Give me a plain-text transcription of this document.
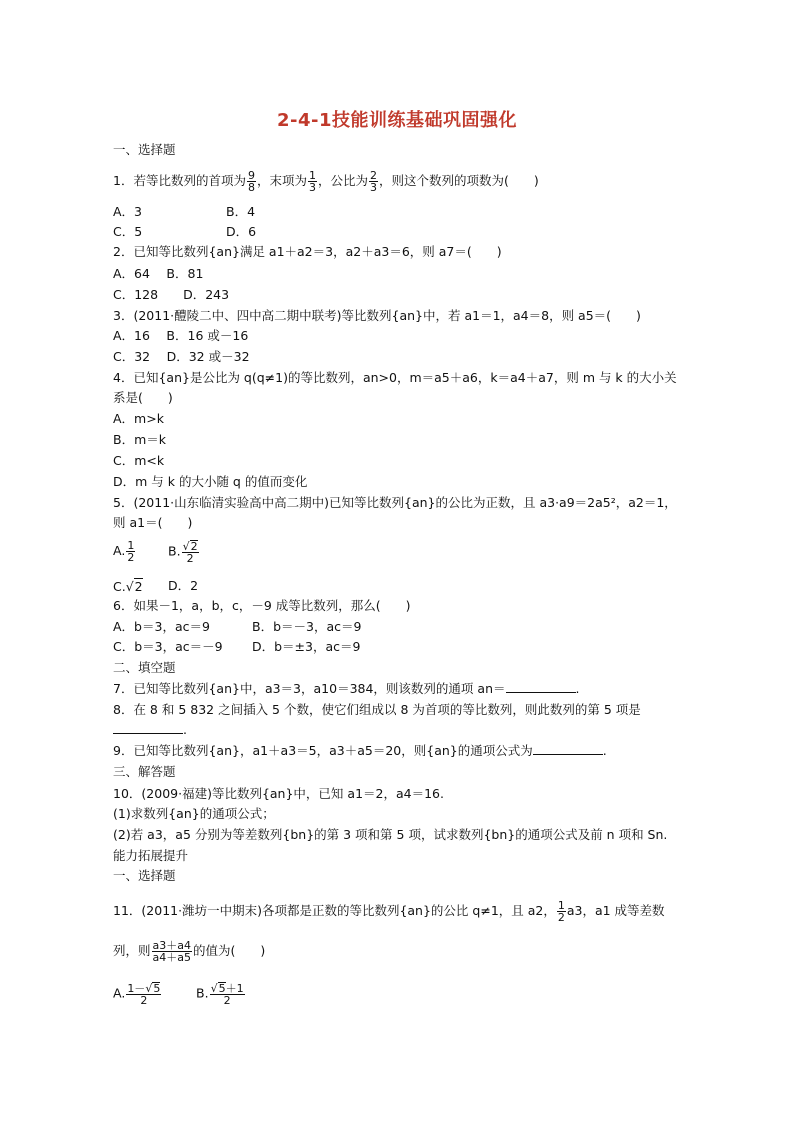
2-4-1技能训练基础巩固强化
一、选择题
1．若等比数列的首项为 $\frac{9}{8}$ ，末项为 $\frac{1}{3}$ ，公比为 $\frac{2}{3}$ ，则这个数列的项数为(　　)
A．3	B．4
C．5	D．6
2．已知等比数列{an}满足 a1＋a2＝3，a2＋a3＝6，则 a7＝(　　)
A．64　 B．81
C．128　　D．243
3．(2011·醴陵二中、四中高二期中联考)等比数列{an}中，若 a1＝1，a4＝8，则 a5＝(　　)
A．16　 B．16 或－16
C．32　 D．32 或－32
4．已知{an}是公比为 q(q≠1)的等比数列，an>0，m＝a5＋a6，k＝a4＋a7，则 m 与 k 的大小关
系是(　　)
A．m>k
B．m＝k
C．m<k
D．m 与 k 的大小随 q 的值而变化
5．(2011·山东临清实验高中高二期中)已知等比数列{an}的公比为正数，且 a3·a9＝2a5²，a2＝1，
则 a1＝(　　)
A. $\frac{1}{2}$	B. $\frac{√2}{2}$
C.√2 D．2
6．如果－1，a，b，c，－9 成等比数列，那么(　　)
A．b＝3，ac＝9	B．b＝－3，ac＝9
C．b＝3，ac＝－9 D．b＝±3，ac＝9
二、填空题
7．已知等比数列{an}中，a3＝3，a10＝384，则该数列的通项 an＝	.
8．在 8 和 5 832 之间插入 5 个数，使它们组成以 8 为首项的等比数列，则此数列的第 5 项是
.
9．已知等比数列{an}，a1＋a3＝5，a3＋a5＝20，则{an}的通项公式为	.
三、解答题
10．(2009·福建)等比数列{an}中，已知 a1＝2，a4＝16.
(1)求数列{an}的通项公式；
(2)若 a3，a5 分别为等差数列{bn}的第 3 项和第 5 项，试求数列{bn}的通项公式及前 n 项和 Sn.
能力拓展提升
一、选择题
11．(2011·潍坊一中期末)各项都是正数的等比数列{an}的公比 q≠1，且 a2， $\frac{1}{2} a3$，a1 成等差数
列，则 $\frac{a3+a4}{a4+a5}$ 的值为(　　)
A. $\frac{1-√5}{2}$	B. $\frac{√5+1}{2}$
